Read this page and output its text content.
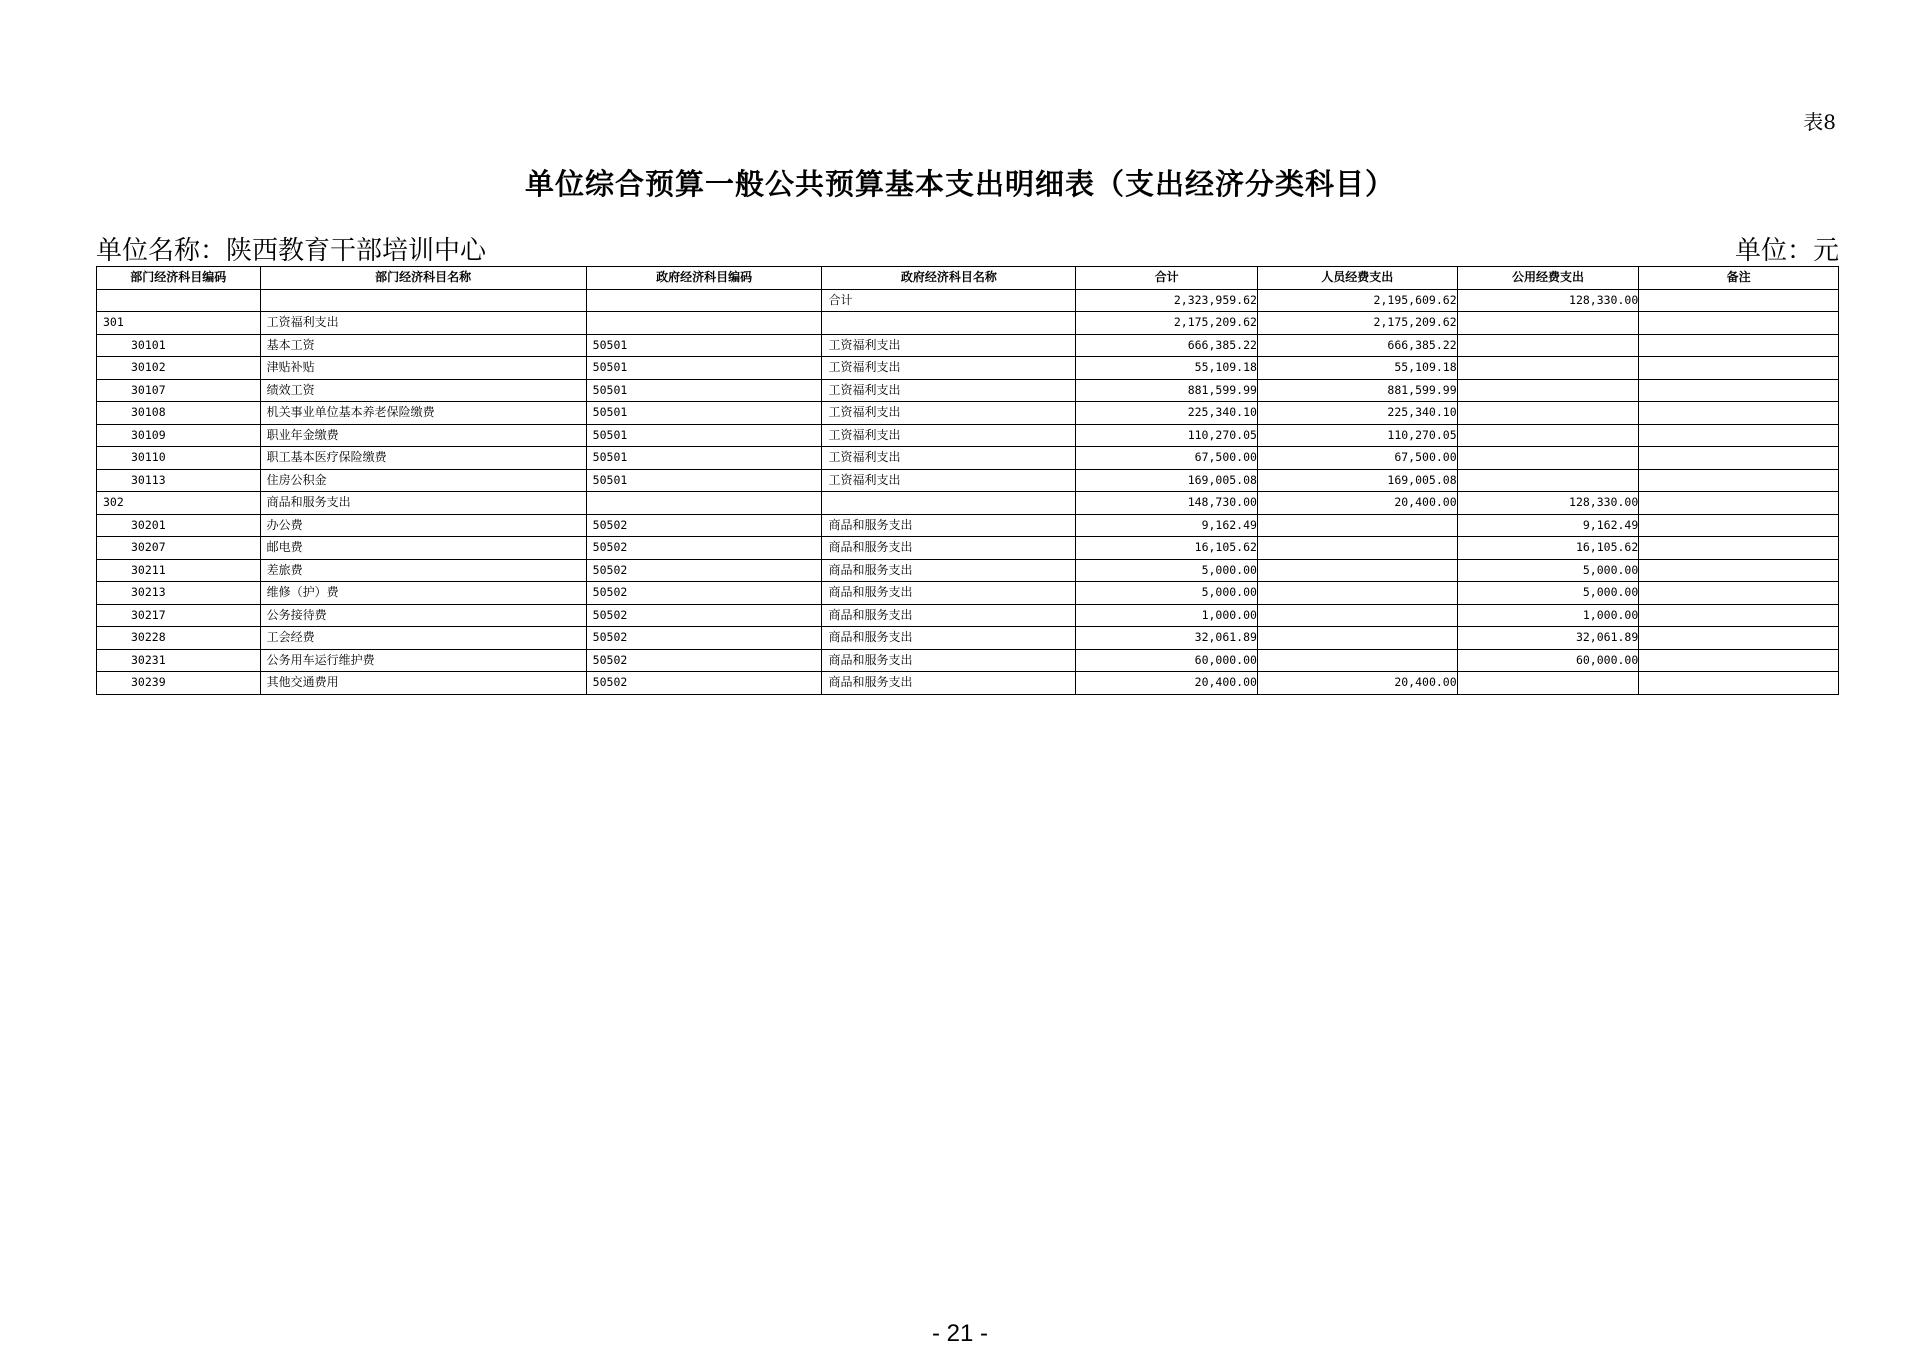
表8
单位综合预算一般公共预算基本支出明细表（支出经济分类科目）
单位名称：陕西教育干部培训中心	单位：元
部门经济科目编码	部门经济科目名称	政府经济科目编码	政府经济科目名称	合计	人员经费支出	公用经费支出	备注
			合计	2,323,959.62	2,195,609.62	128,330.00	
301	工资福利支出			2,175,209.62	2,175,209.62		
30101	基本工资	50501	工资福利支出	666,385.22	666,385.22		
30102	津贴补贴	50501	工资福利支出	55,109.18	55,109.18		
30107	绩效工资	50501	工资福利支出	881,599.99	881,599.99		
30108	机关事业单位基本养老保险缴费	50501	工资福利支出	225,340.10	225,340.10		
30109	职业年金缴费	50501	工资福利支出	110,270.05	110,270.05		
30110	职工基本医疗保险缴费	50501	工资福利支出	67,500.00	67,500.00		
30113	住房公积金	50501	工资福利支出	169,005.08	169,005.08		
302	商品和服务支出			148,730.00	20,400.00	128,330.00	
30201	办公费	50502	商品和服务支出	9,162.49		9,162.49	
30207	邮电费	50502	商品和服务支出	16,105.62		16,105.62	
30211	差旅费	50502	商品和服务支出	5,000.00		5,000.00	
30213	维修（护）费	50502	商品和服务支出	5,000.00		5,000.00	
30217	公务接待费	50502	商品和服务支出	1,000.00		1,000.00	
30228	工会经费	50502	商品和服务支出	32,061.89		32,061.89	
30231	公务用车运行维护费	50502	商品和服务支出	60,000.00		60,000.00	
30239	其他交通费用	50502	商品和服务支出	20,400.00	20,400.00		
- 21 -
